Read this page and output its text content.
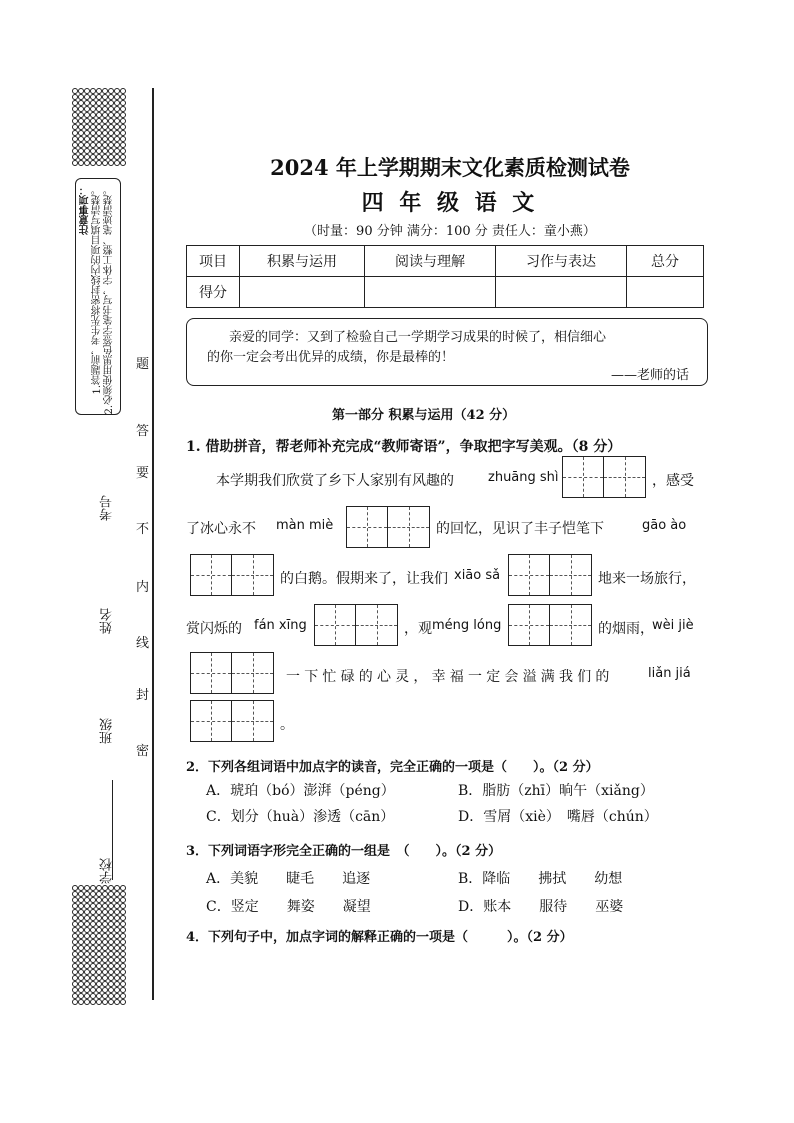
注意事项： 1.答题前，考生先将密封线内的项目填写清楚。 2.必须使用黑色签字笔书写，字体工整、笔迹清楚。
学校
班级
姓名
考号
题
答
要
不
内
线
封
密
2024 年上学期期末文化素质检测试卷
四 年 级 语 文
（时量：90 分钟 满分：100 分 责任人：童小燕）
项目	积累与运用	阅读与理解	习作与表达	总分
得分				
亲爱的同学：又到了检验自己一学期学习成果的时候了，相信细心
的你一定会考出优异的成绩，你是最棒的！
——老师的话
第一部分 积累与运用（42 分）
1. 借助拼音，帮老师补充完成“教师寄语”，争取把字写美观。（8 分）
本学期我们欣赏了乡下人家别有风趣的	zhuāng shì	，感受
了冰心永不 màn miè	的回忆，见识了丰子恺笔下	gāo ào
的白鹅。假期来了，让我们 xiāo sǎ	地来一场旅行，
赏闪烁的 fán xīng	，观 méng lóng	的烟雨，
wèi jiè
一下忙碌的心灵，幸福一定会溢满我们的	liǎn jiá
。
2．下列各组词语中加点字的读音，完全正确的一项是（　　）。（2 分）
A．琥珀（bó）澎湃（péng）	B．脂肪（zhī）晌午（xiǎng）
C．划分（huà）渗透（cān）	D．雪屑（xiè）　嘴唇（chún）
3．下列词语字形完全正确的一组是　（　　）。（2 分）
A．美貌　　睫毛　　追逐	B．降临　　拂拭　　幼想
C．竖定　　舞姿　　凝望	D．账本　　服待　　巫婆
4．下列句子中，加点字词的解释正确的一项是（　　　）。（2 分）
